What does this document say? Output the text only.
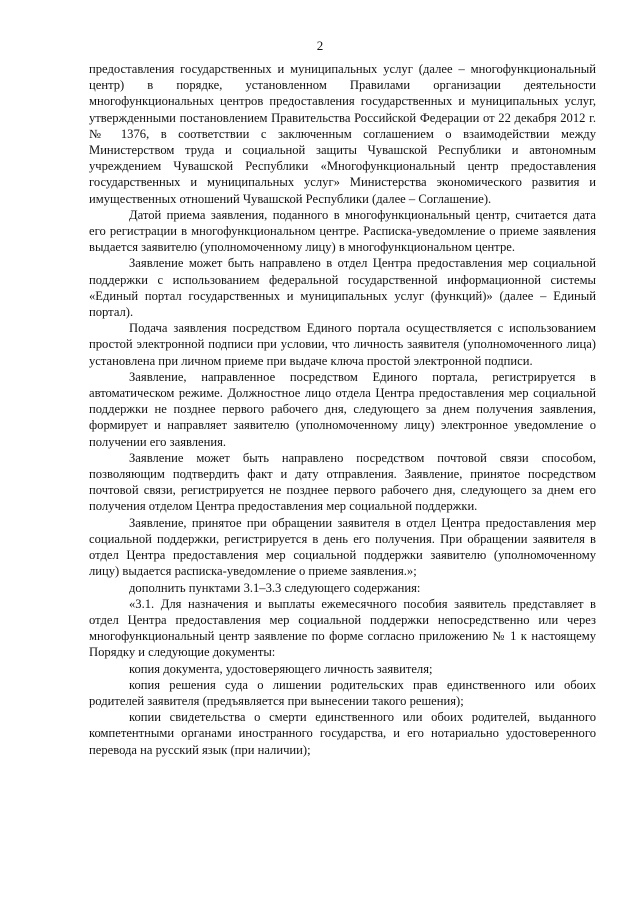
2

предоставления государственных и муниципальных услуг (далее – многофункциональный центр) в порядке, установленном Правилами организации деятельности многофункциональных центров предоставления государственных и муниципальных услуг, утвержденными постановлением Правительства Российской Федерации от 22 декабря 2012 г. № 1376, в соответствии с заключенным соглашением о взаимодействии между Министерством труда и социальной защиты Чувашской Республики и автономным учреждением Чувашской Республики «Многофункциональный центр предоставления государственных и муниципальных услуг» Министерства экономического развития и имущественных отношений Чувашской Республики (далее – Соглашение).

Датой приема заявления, поданного в многофункциональный центр, считается дата его регистрации в многофункциональном центре. Расписка-уведомление о приеме заявления выдается заявителю (уполномоченному лицу) в многофункциональном центре.

Заявление может быть направлено в отдел Центра предоставления мер социальной поддержки с использованием федеральной государственной информационной системы «Единый портал государственных и муниципальных услуг (функций)» (далее – Единый портал).

Подача заявления посредством Единого портала осуществляется с использованием простой электронной подписи при условии, что личность заявителя (уполномоченного лица) установлена при личном приеме при выдаче ключа простой электронной подписи.

Заявление, направленное посредством Единого портала, регистрируется в автоматическом режиме. Должностное лицо отдела Центра предоставления мер социальной поддержки не позднее первого рабочего дня, следующего за днем получения заявления, формирует и направляет заявителю (уполномоченному лицу) электронное уведомление о получении его заявления.

Заявление может быть направлено посредством почтовой связи способом, позволяющим подтвердить факт и дату отправления. Заявление, принятое посредством почтовой связи, регистрируется не позднее первого рабочего дня, следующего за днем его получения отделом Центра предоставления мер социальной поддержки.

Заявление, принятое при обращении заявителя в отдел Центра предоставления мер социальной поддержки, регистрируется в день его получения. При обращении заявителя в отдел Центра предоставления мер социальной поддержки заявителю (уполномоченному лицу) выдается расписка-уведомление о приеме заявления.»;

дополнить пунктами 3.1–3.3 следующего содержания:

«3.1. Для назначения и выплаты ежемесячного пособия заявитель представляет в отдел Центра предоставления мер социальной поддержки непосредственно или через многофункциональный центр заявление по форме согласно приложению № 1 к настоящему Порядку и следующие документы:

копия документа, удостоверяющего личность заявителя;

копия решения суда о лишении родительских прав единственного или обоих родителей заявителя (предъявляется при вынесении такого решения);

копии свидетельства о смерти единственного или обоих родителей, выданного компетентными органами иностранного государства, и его нотариально удостоверенного перевода на русский язык (при наличии);
